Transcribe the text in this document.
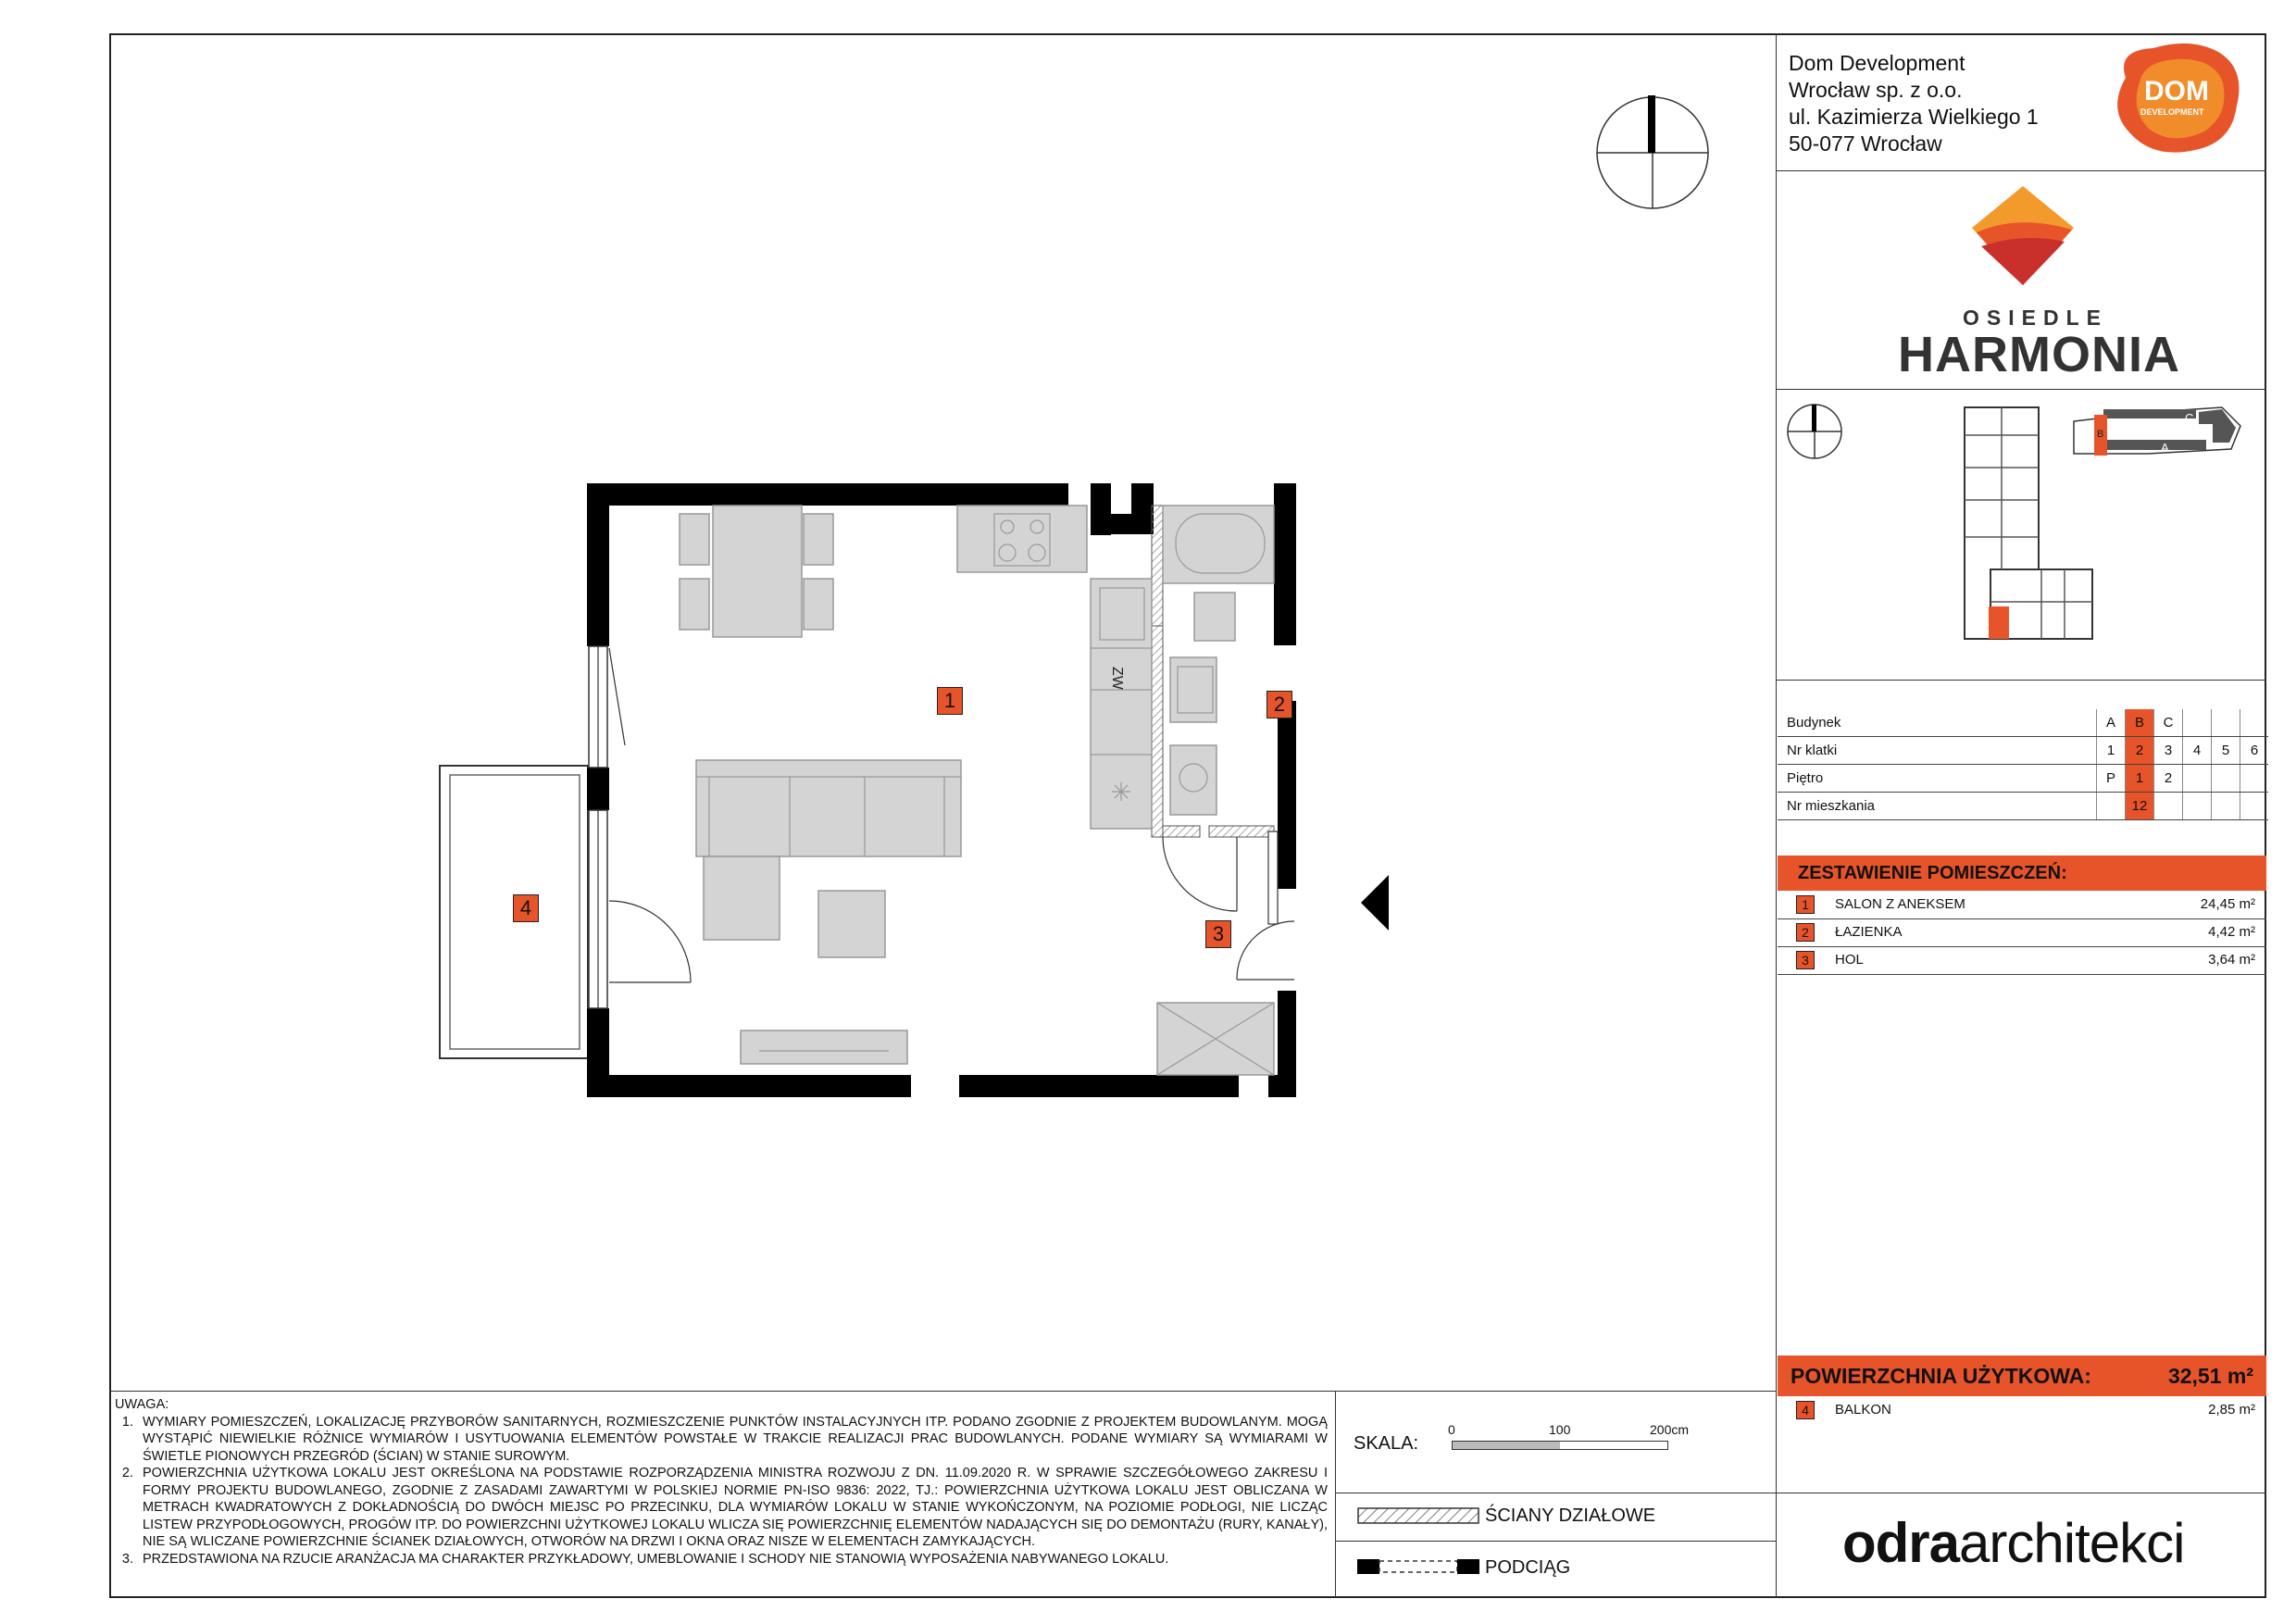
Dom Development
Wrocław sp. z o.o.
ul. Kazimierza Wielkiego 1
50-077 Wrocław
DOM
DEVELOPMENT
OSIEDLE
HARMONIA
B
C
A
Budynek	A	B	C			
Nr klatki	1	2	3	4	5	6
Piętro	P	1	2			
Nr mieszkania		12				
ZESTAWIENIE POMIESZCZEŃ:
1	SALON Z ANEKSEM	24,45 m²
2	ŁAZIENKA	4,42 m²
3	HOL	3,64 m²
POWIERZCHNIA UŻYTKOWA:	32,51 m²
4	BALKON	2,85 m²
odraarchitekci
UWAGA:
1. WYMIARY POMIESZCZEŃ, LOKALIZACJĘ PRZYBORÓW SANITARNYCH, ROZMIESZCZENIE PUNKTÓW INSTALACYJNYCH ITP. PODANO ZGODNIE Z PROJEKTEM BUDOWLANYM. MOGĄ WYSTĄPIĆ NIEWIELKIE RÓŻNICE WYMIARÓW I USYTUOWANIA ELEMENTÓW POWSTAŁE W TRAKCIE REALIZACJI PRAC BUDOWLANYCH. PODANE WYMIARY SĄ WYMIARAMI W ŚWIETLE PIONOWYCH PRZEGRÓD (ŚCIAN) W STANIE SUROWYM.
2. POWIERZCHNIA UŻYTKOWA LOKALU JEST OKREŚLONA NA PODSTAWIE ROZPORZĄDZENIA MINISTRA ROZWOJU Z DN. 11.09.2020 R. W SPRAWIE SZCZEGÓŁOWEGO ZAKRESU I FORMY PROJEKTU BUDOWLANEGO, ZGODNIE Z ZASADAMI ZAWARTYMI W POLSKIEJ NORMIE PN-ISO 9836: 2022, TJ.: POWIERZCHNIA UŻYTKOWA LOKALU JEST OBLICZANA W METRACH KWADRATOWYCH Z DOKŁADNOŚCIĄ DO DWÓCH MIEJSC PO PRZECINKU, DLA WYMIARÓW LOKALU W STANIE WYKOŃCZONYM, NA POZIOMIE PODŁOGI, NIE LICZĄC LISTEW PRZYPODŁOGOWYCH, PROGÓW ITP. DO POWIERZCHNI UŻYTKOWEJ LOKALU WLICZA SIĘ POWIERZCHNIĘ ELEMENTÓW NADAJĄCYCH SIĘ DO DEMONTAŻU (RURY, KANAŁY), NIE SĄ WLICZANE POWIERZCHNIE ŚCIANEK DZIAŁOWYCH, OTWORÓW NA DRZWI I OKNA ORAZ NISZE W ELEMENTACH ZAMYKAJĄCYCH.
3. PRZEDSTAWIONA NA RZUCIE ARANŻACJA MA CHARAKTER PRZYKŁADOWY, UMEBLOWANIE I SCHODY NIE STANOWIĄ WYPOSAŻENIA NABYWANEGO LOKALU.
SKALA:
0	100	200cm
ŚCIANY DZIAŁOWE
PODCIĄG
ZW
1	2
3
4
